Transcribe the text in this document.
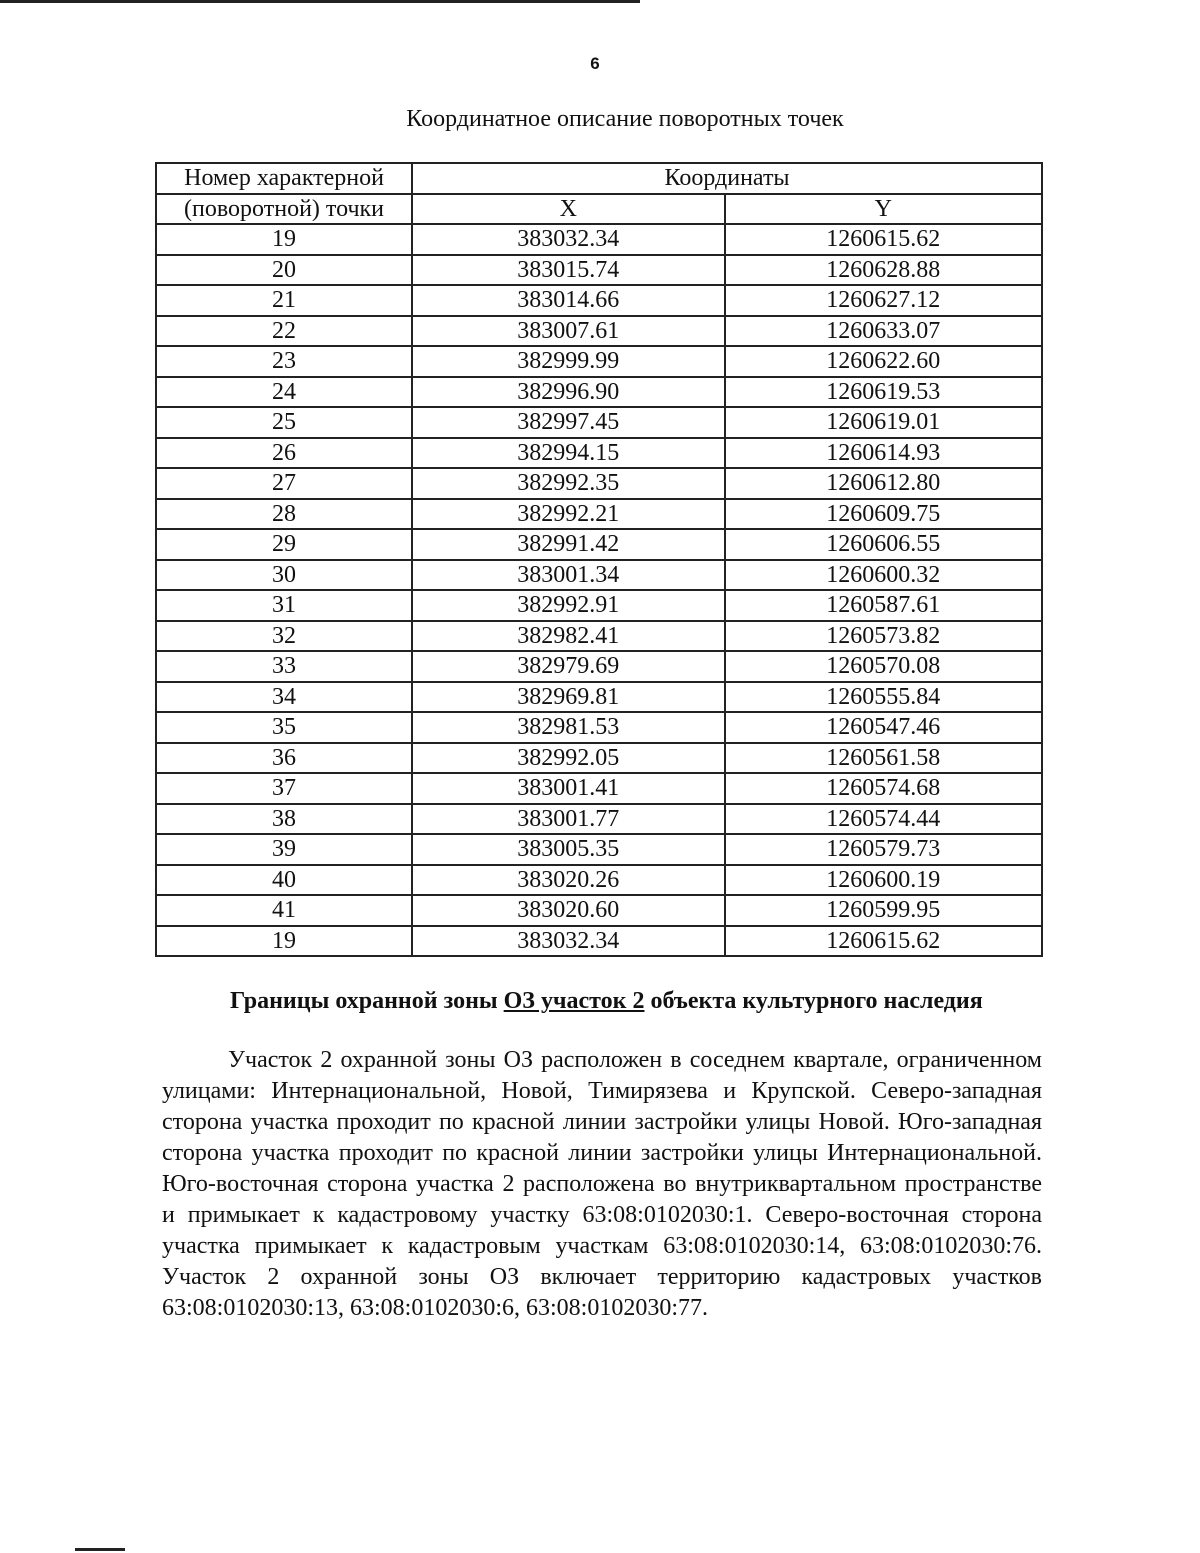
6
Координатное описание поворотных точек
Номер характерной	Координаты	
(поворотной) точки	X	Y
19	383032.34	1260615.62
20	383015.74	1260628.88
21	383014.66	1260627.12
22	383007.61	1260633.07
23	382999.99	1260622.60
24	382996.90	1260619.53
25	382997.45	1260619.01
26	382994.15	1260614.93
27	382992.35	1260612.80
28	382992.21	1260609.75
29	382991.42	1260606.55
30	383001.34	1260600.32
31	382992.91	1260587.61
32	382982.41	1260573.82
33	382979.69	1260570.08
34	382969.81	1260555.84
35	382981.53	1260547.46
36	382992.05	1260561.58
37	383001.41	1260574.68
38	383001.77	1260574.44
39	383005.35	1260579.73
40	383020.26	1260600.19
41	383020.60	1260599.95
19	383032.34	1260615.62
Границы охранной зоны ОЗ участок 2 объекта культурного наследия
Участок 2 охранной зоны ОЗ расположен в соседнем квартале, ограниченном улицами: Интернациональной, Новой, Тимирязева и Крупской. Северо-западная сторона участка проходит по красной линии застройки улицы Новой. Юго-западная сторона участка проходит по красной линии застройки улицы Интернациональной. Юго-восточная сторона участка 2 расположена во внутриквартальном пространстве и примыкает к кадастровому участку 63:08:0102030:1. Северо-восточная сторона участка примыкает к кадастровым участкам 63:08:0102030:14, 63:08:0102030:76. Участок 2 охранной зоны ОЗ включает территорию кадастровых участков 63:08:0102030:13, 63:08:0102030:6, 63:08:0102030:77.
